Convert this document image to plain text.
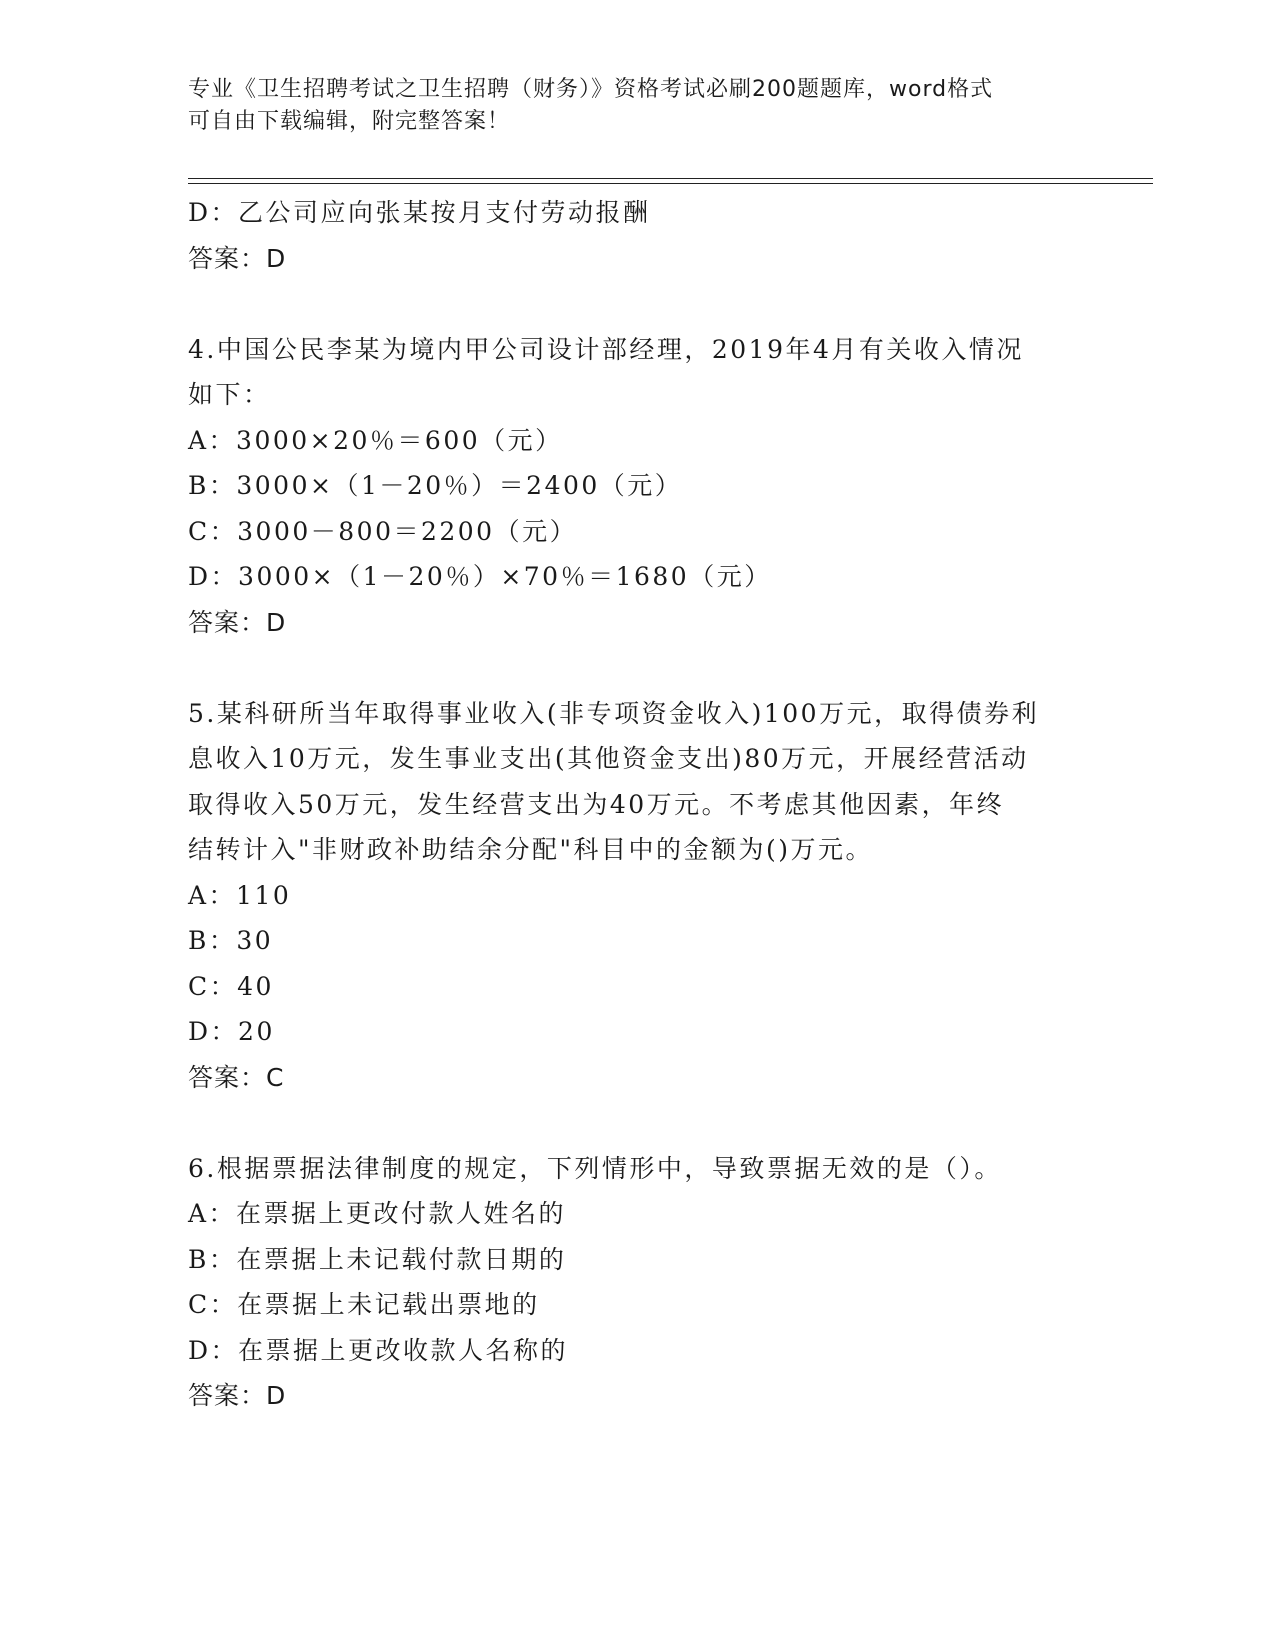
专业《卫生招聘考试之卫生招聘（财务）》资格考试必刷200题题库，word格式
可自由下载编辑，附完整答案！
D：乙公司应向张某按月支付劳动报酬
答案：D
4.中国公民李某为境内甲公司设计部经理，2019年4月有关收入情况
如下：
A：3000×20％＝600（元）
B：3000×（1－20％）＝2400（元）
C：3000－800＝2200（元）
D：3000×（1－20％）×70％＝1680（元）
答案：D
5.某科研所当年取得事业收入(非专项资金收入)100万元，取得债券利
息收入10万元，发生事业支出(其他资金支出)80万元，开展经营活动
取得收入50万元，发生经营支出为40万元。不考虑其他因素，年终
结转计入"非财政补助结余分配"科目中的金额为()万元。
A：110
B：30
C：40
D：20
答案：C
6.根据票据法律制度的规定，下列情形中，导致票据无效的是（）。
A：在票据上更改付款人姓名的
B：在票据上未记载付款日期的
C：在票据上未记载出票地的
D：在票据上更改收款人名称的
答案：D
